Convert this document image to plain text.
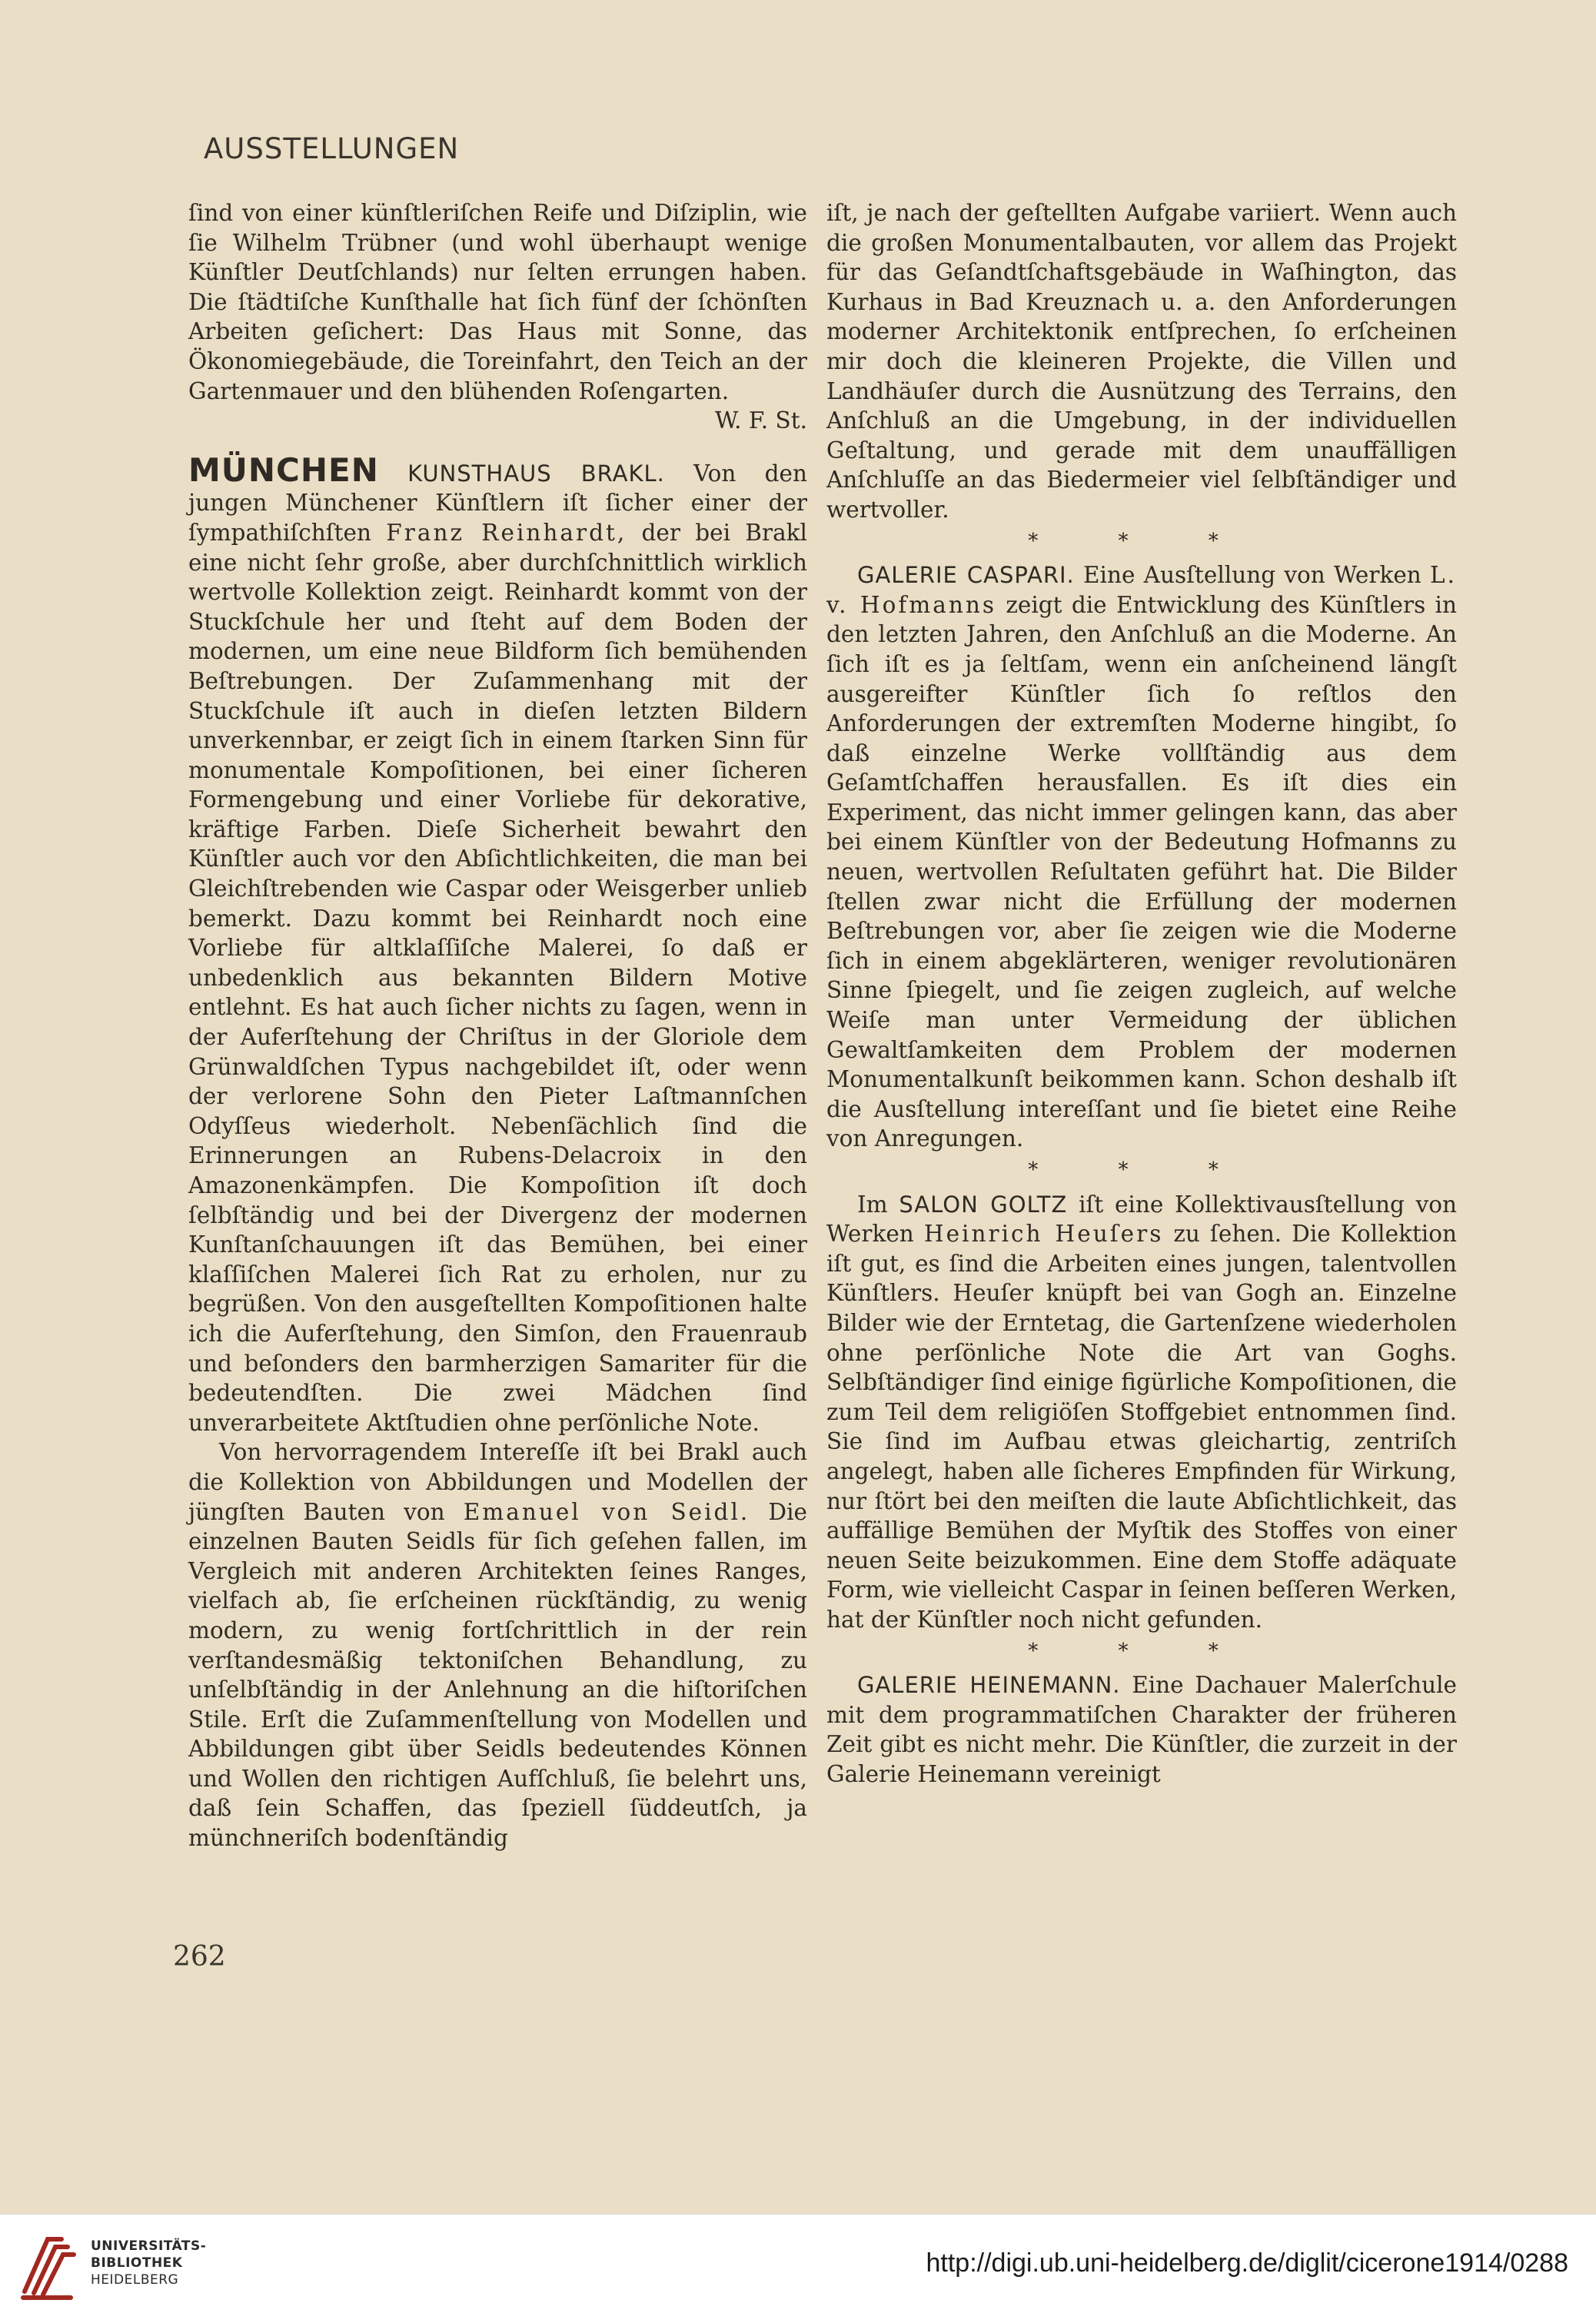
AUSSTELLUNGEN

ſind von einer künſtleriſchen Reife und Diſziplin, wie ſie Wilhelm Trübner (und wohl überhaupt wenige Künſtler Deutſchlands) nur ſelten errungen haben. Die ſtädtiſche Kunſthalle hat ſich fünf der ſchönſten Arbeiten geſichert: Das Haus mit Sonne, das Ökonomiegebäude, die Toreinfahrt, den Teich an der Gartenmauer und den blühenden Roſengarten.

W. F. St.

MÜNCHEN KUNSTHAUS BRAKL. Von den jungen Münchener Künſtlern iſt ſicher einer der ſympathiſchſten Franz Reinhardt, der bei Brakl eine nicht ſehr große, aber durchſchnittlich wirklich wertvolle Kollektion zeigt. Reinhardt kommt von der Stuckſchule her und ſteht auf dem Boden der modernen, um eine neue Bildform ſich bemühenden Beſtrebungen. Der Zuſammenhang mit der Stuckſchule iſt auch in dieſen letzten Bildern unverkennbar, er zeigt ſich in einem ſtarken Sinn für monumentale Kompoſitionen, bei einer ſicheren Formengebung und einer Vorliebe für dekorative, kräftige Farben. Dieſe Sicherheit bewahrt den Künſtler auch vor den Abſichtlichkeiten, die man bei Gleichſtrebenden wie Caspar oder Weisgerber unlieb bemerkt. Dazu kommt bei Reinhardt noch eine Vorliebe für altklaſſiſche Malerei, ſo daß er unbedenklich aus bekannten Bildern Motive entlehnt. Es hat auch ſicher nichts zu ſagen, wenn in der Auferſtehung der Chriſtus in der Gloriole dem Grünwaldſchen Typus nachgebildet iſt, oder wenn der verlorene Sohn den Pieter Laſtmannſchen Odyſſeus wiederholt. Nebenſächlich ſind die Erinnerungen an Rubens-Delacroix in den Amazonenkämpfen. Die Kompoſition iſt doch ſelbſtändig und bei der Divergenz der modernen Kunſtanſchauungen iſt das Bemühen, bei einer klaſſiſchen Malerei ſich Rat zu erholen, nur zu begrüßen. Von den ausgeſtellten Kompoſitionen halte ich die Auferſtehung, den Simſon, den Frauenraub und beſonders den barmherzigen Samariter für die bedeutendſten. Die zwei Mädchen ſind unverarbeitete Aktſtudien ohne perſönliche Note.

Von hervorragendem Intereſſe iſt bei Brakl auch die Kollektion von Abbildungen und Modellen der jüngſten Bauten von Emanuel von Seidl. Die einzelnen Bauten Seidls für ſich geſehen fallen, im Vergleich mit anderen Architekten ſeines Ranges, vielfach ab, ſie erſcheinen rückſtändig, zu wenig modern, zu wenig fortſchrittlich in der rein verſtandesmäßig tektoniſchen Behandlung, zu unſelbſtändig in der Anlehnung an die hiſtoriſchen Stile. Erſt die Zuſammenſtellung von Modellen und Abbildungen gibt über Seidls bedeutendes Können und Wollen den richtigen Aufſchluß, ſie belehrt uns, daß ſein Schaffen, das ſpeziell ſüddeutſch, ja münchneriſch bodenſtändig

iſt, je nach der geſtellten Aufgabe variiert. Wenn auch die großen Monumentalbauten, vor allem das Projekt für das Geſandtſchaftsgebäude in Waſhington, das Kurhaus in Bad Kreuznach u. a. den Anforderungen moderner Architektonik entſprechen, ſo erſcheinen mir doch die kleineren Projekte, die Villen und Landhäuſer durch die Ausnützung des Terrains, den Anſchluß an die Umgebung, in der individuellen Geſtaltung, und gerade mit dem unauffälligen Anſchluſſe an das Biedermeier viel ſelbſtändiger und wertvoller.

* * *

GALERIE CASPARI. Eine Ausſtellung von Werken L. v. Hofmanns zeigt die Entwicklung des Künſtlers in den letzten Jahren, den Anſchluß an die Moderne. An ſich iſt es ja ſeltſam, wenn ein anſcheinend längſt ausgereifter Künſtler ſich ſo reſtlos den Anforderungen der extremſten Moderne hingibt, ſo daß einzelne Werke vollſtändig aus dem Geſamtſchaffen herausfallen. Es iſt dies ein Experiment, das nicht immer gelingen kann, das aber bei einem Künſtler von der Bedeutung Hofmanns zu neuen, wertvollen Reſultaten geführt hat. Die Bilder ſtellen zwar nicht die Erfüllung der modernen Beſtrebungen vor, aber ſie zeigen wie die Moderne ſich in einem abgeklärteren, weniger revolutionären Sinne ſpiegelt, und ſie zeigen zugleich, auf welche Weiſe man unter Vermeidung der üblichen Gewaltſamkeiten dem Problem der modernen Monumentalkunſt beikommen kann. Schon deshalb iſt die Ausſtellung intereſſant und ſie bietet eine Reihe von Anregungen.

* * *

Im SALON GOLTZ iſt eine Kollektivausſtellung von Werken Heinrich Heuſers zu ſehen. Die Kollektion iſt gut, es ſind die Arbeiten eines jungen, talentvollen Künſtlers. Heuſer knüpft bei van Gogh an. Einzelne Bilder wie der Erntetag, die Gartenſzene wiederholen ohne perſönliche Note die Art van Goghs. Selbſtändiger ſind einige figürliche Kompoſitionen, die zum Teil dem religiöſen Stoffgebiet entnommen ſind. Sie ſind im Aufbau etwas gleichartig, zentriſch angelegt, haben alle ſicheres Empfinden für Wirkung, nur ſtört bei den meiſten die laute Abſichtlichkeit, das auffällige Bemühen der Myſtik des Stoffes von einer neuen Seite beizukommen. Eine dem Stoffe adäquate Form, wie vielleicht Caspar in ſeinen beſſeren Werken, hat der Künſtler noch nicht gefunden.

* * *

GALERIE HEINEMANN. Eine Dachauer Malerſchule mit dem programmatiſchen Charakter der früheren Zeit gibt es nicht mehr. Die Künſtler, die zurzeit in der Galerie Heinemann vereinigt

262
UNIVERSITÄTS-
BIBLIOTHEK
HEIDELBERG
http://digi.ub.uni-heidelberg.de/diglit/cicerone1914/0288
